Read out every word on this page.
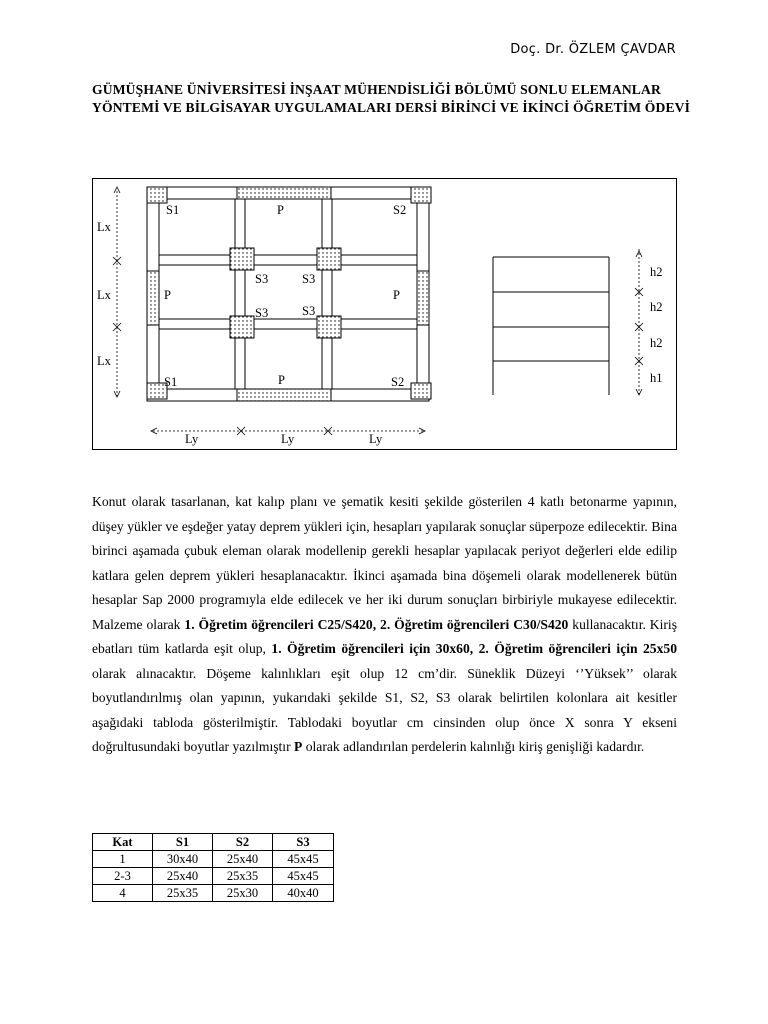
Doç. Dr. ÖZLEM ÇAVDAR
GÜMÜŞHANE ÜNİVERSİTESİ İNŞAAT MÜHENDİSLİĞİ BÖLÜMÜ SONLU ELEMANLAR YÖNTEMİ VE BİLGİSAYAR UYGULAMALARI DERSİ BİRİNCİ VE İKİNCİ ÖĞRETİM ÖDEVİ
S1	P	S2
S3	S3
P	P
S3	S3
S1	P	S2
Lx
Lx
Lx
Ly	Ly	Ly
h2
h2
h2
h1
Konut olarak tasarlanan, kat kalıp planı ve şematik kesiti şekilde gösterilen 4 katlı betonarme yapının, düşey yükler ve eşdeğer yatay deprem yükleri için, hesapları yapılarak sonuçlar süperpoze edilecektir. Bina birinci aşamada çubuk eleman olarak modellenip gerekli hesaplar yapılacak periyot değerleri elde edilip katlara gelen deprem yükleri hesaplanacaktır. İkinci aşamada bina döşemeli olarak modellenerek bütün hesaplar Sap 2000 programıyla elde edilecek ve her iki durum sonuçları birbiriyle mukayese edilecektir. Malzeme olarak 1. Öğretim öğrencileri C25/S420, 2. Öğretim öğrencileri C30/S420 kullanacaktır. Kiriş ebatları tüm katlarda eşit olup, 1. Öğretim öğrencileri için 30x60, 2. Öğretim öğrencileri için 25x50 olarak alınacaktır. Döşeme kalınlıkları eşit olup 12 cm’dir. Süneklik Düzeyi ‘’Yüksek’’ olarak boyutlandırılmış olan yapının, yukarıdaki şekilde S1, S2, S3 olarak belirtilen kolonlara ait kesitler aşağıdaki tabloda gösterilmiştir. Tablodaki boyutlar cm cinsinden olup önce X sonra Y ekseni doğrultusundaki boyutlar yazılmıştır P olarak adlandırılan perdelerin kalınlığı kiriş genişliği kadardır.
Kat	S1	S2	S3
1	30x40	25x40	45x45
2-3	25x40	25x35	45x45
4	25x35	25x30	40x40
